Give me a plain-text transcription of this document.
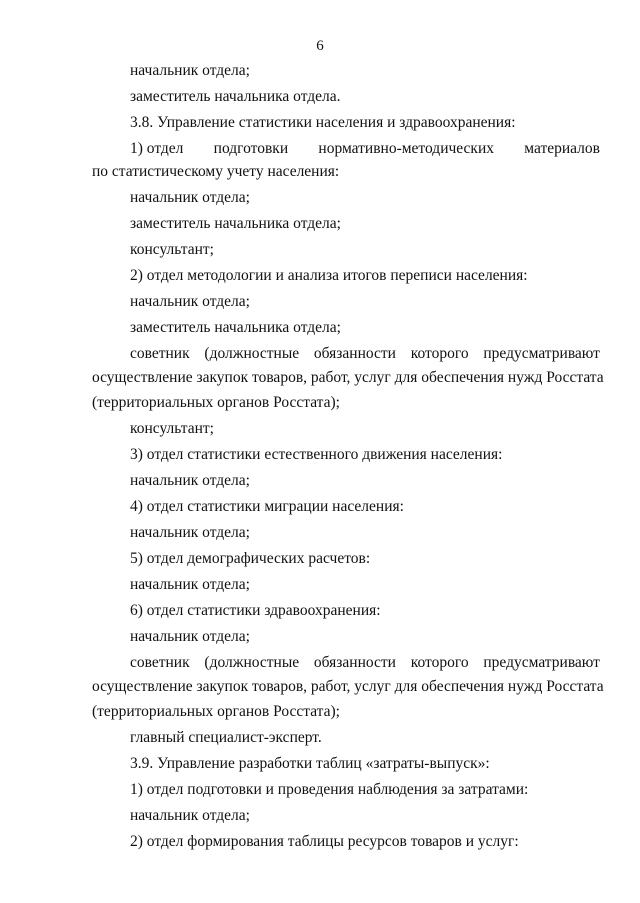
6
начальник отдела;
заместитель начальника отдела.
3.8. Управление статистики населения и здравоохранения:
1) отдел подготовки нормативно-методических материалов
по статистическому учету населения:
начальник отдела;
заместитель начальника отдела;
консультант;
2) отдел методологии и анализа итогов переписи населения:
начальник отдела;
заместитель начальника отдела;
советник (должностные обязанности которого предусматривают
осуществление закупок товаров, работ, услуг для обеспечения нужд Росстата
(территориальных органов Росстата);
консультант;
3) отдел статистики естественного движения населения:
начальник отдела;
4) отдел статистики миграции населения:
начальник отдела;
5) отдел демографических расчетов:
начальник отдела;
6) отдел статистики здравоохранения:
начальник отдела;
советник (должностные обязанности которого предусматривают
осуществление закупок товаров, работ, услуг для обеспечения нужд Росстата
(территориальных органов Росстата);
главный специалист-эксперт.
3.9. Управление разработки таблиц «затраты-выпуск»:
1) отдел подготовки и проведения наблюдения за затратами:
начальник отдела;
2) отдел формирования таблицы ресурсов товаров и услуг:
